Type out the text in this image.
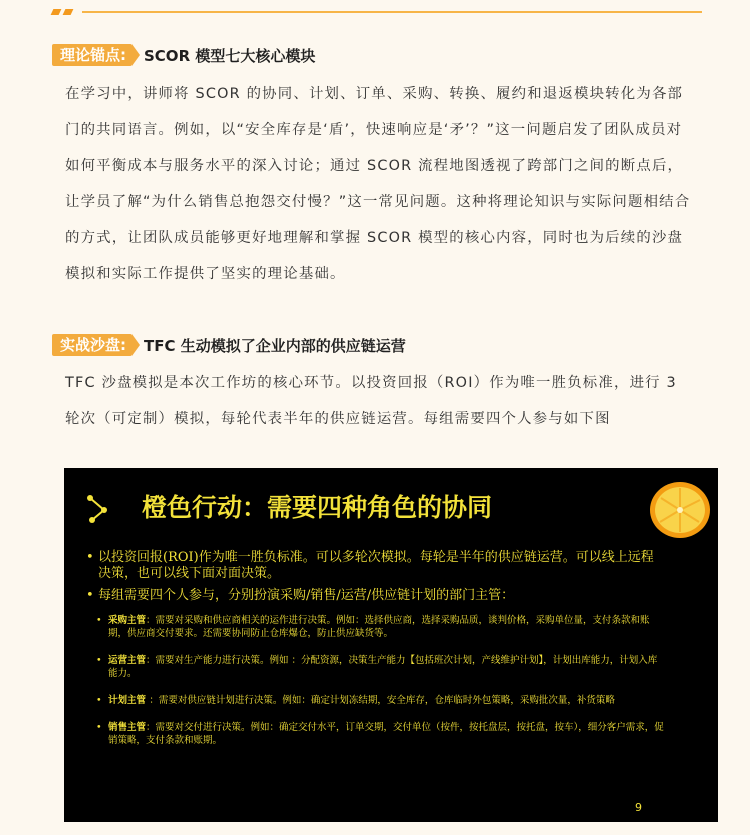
理论锚点:	SCOR 模型七大核心模块

在学习中，讲师将 SCOR 的协同、计划、订单、采购、转换、履约和退返模块转化为各部门的共同语言。例如，以“安全库存是‘盾’，快速响应是‘矛’？”这一问题启发了团队成员对如何平衡成本与服务水平的深入讨论；通过 SCOR 流程地图透视了跨部门之间的断点后，让学员了解“为什么销售总抱怨交付慢？”这一常见问题。这种将理论知识与实际问题相结合的方式，让团队成员能够更好地理解和掌握 SCOR 模型的核心内容，同时也为后续的沙盘模拟和实际工作提供了坚实的理论基础。

实战沙盘:	TFC 生动模拟了企业内部的供应链运营

TFC 沙盘模拟是本次工作坊的核心环节。以投资回报（ROI）作为唯一胜负标准，进行 3 轮次（可定制）模拟，每轮代表半年的供应链运营。每组需要四个人参与如下图

橙色行动：需要四种角色的协同
• 以投资回报(ROI)作为唯一胜负标准。可以多轮次模拟。每轮是半年的供应链运营。可以线上远程决策，也可以线下面对面决策。
• 每组需要四个人参与，分别扮演采购/销售/运营/供应链计划的部门主管：
• 采购主管：需要对采购和供应商相关的运作进行决策。例如：选择供应商，选择采购品质，谈判价格，采购单位量，支付条款和账期，供应商交付要求。还需要协同防止仓库爆仓，防止供应缺货等。
• 运营主管：需要对生产能力进行决策。例如 ：分配资源，决策生产能力【包括班次计划，产线维护计划】，计划出库能力，计划入库能力。
• 计划主管 ：需要对供应链计划进行决策。例如：确定计划冻结期，安全库存，仓库临时外包策略，采购批次量，补货策略
• 销售主管：需要对交付进行决策。例如：确定交付水平，订单交期，交付单位（按件，按托盘层，按托盘，按车），细分客户需求，促销策略，支付条款和账期。
9
